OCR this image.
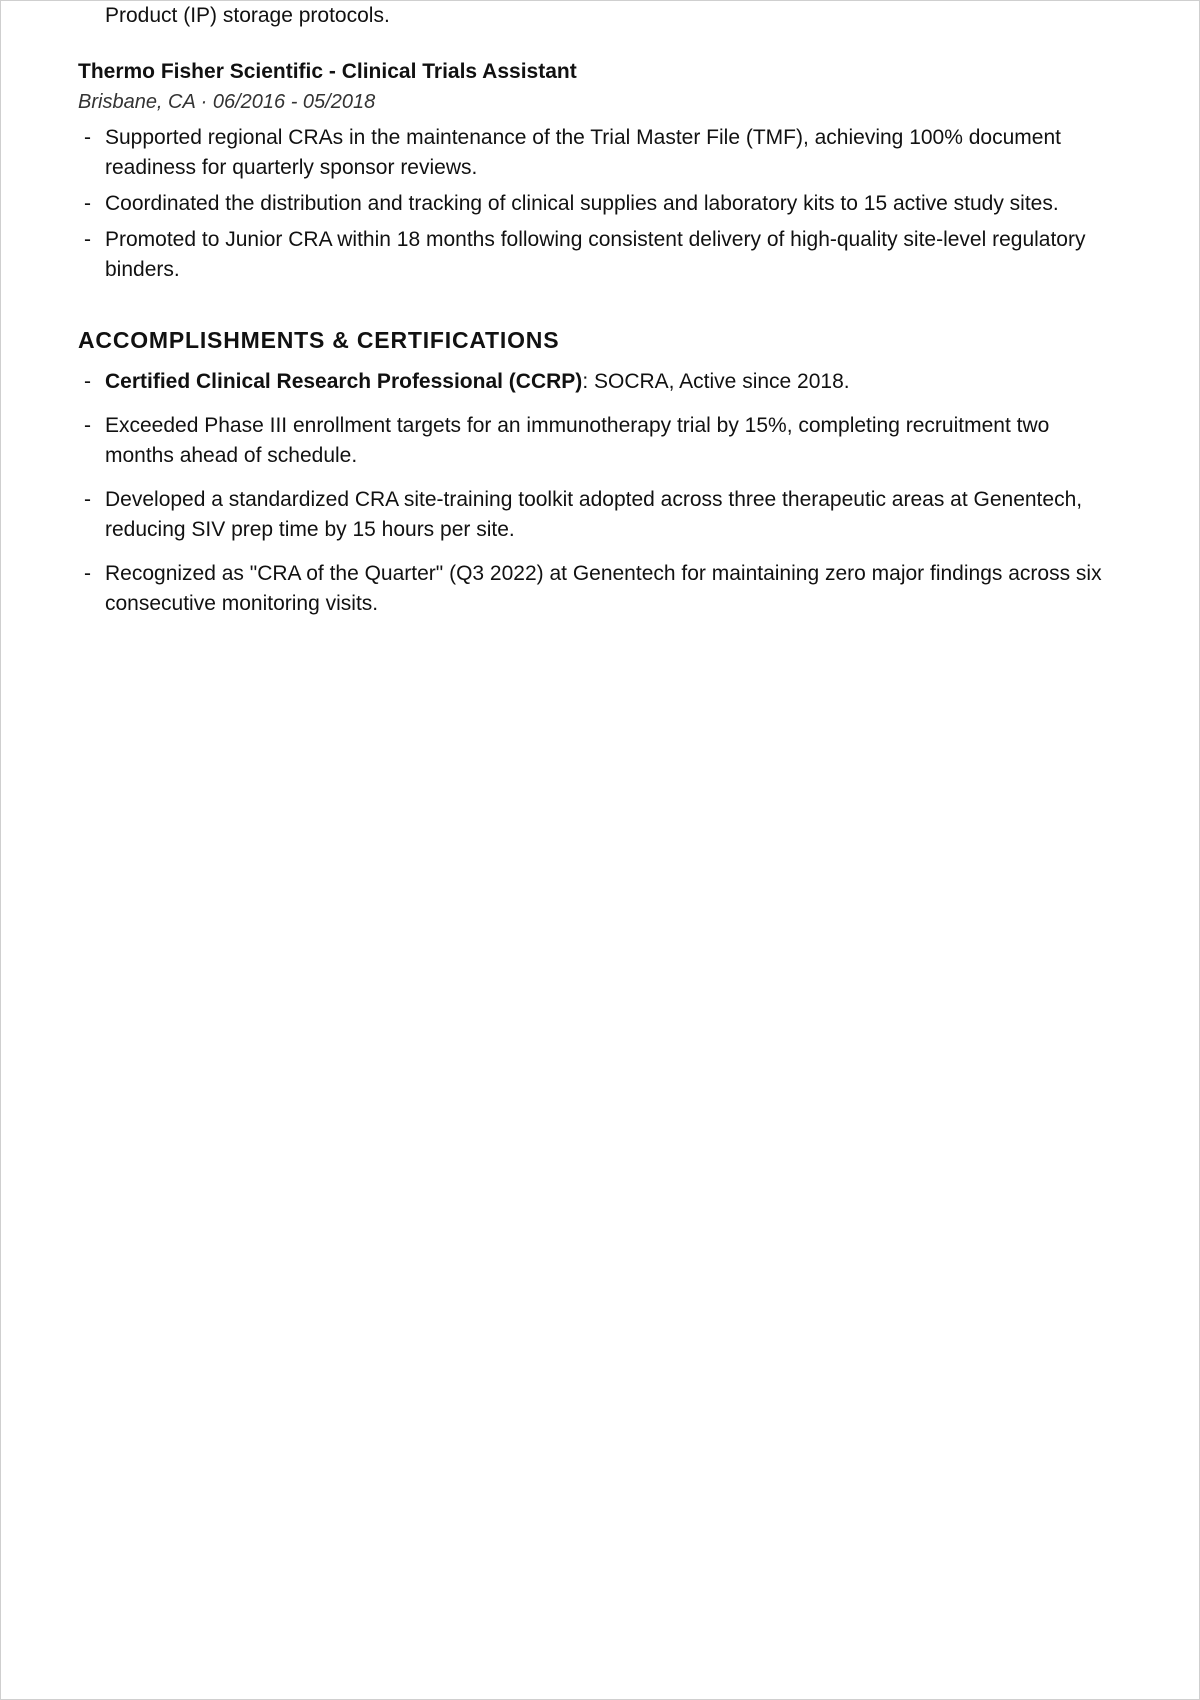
Product (IP) storage protocols.
Thermo Fisher Scientific - Clinical Trials Assistant
Brisbane, CA · 06/2016 - 05/2018
- Supported regional CRAs in the maintenance of the Trial Master File (TMF), achieving 100% document readiness for quarterly sponsor reviews.
- Coordinated the distribution and tracking of clinical supplies and laboratory kits to 15 active study sites.
- Promoted to Junior CRA within 18 months following consistent delivery of high-quality site-level regulatory binders.
ACCOMPLISHMENTS & CERTIFICATIONS
- Certified Clinical Research Professional (CCRP): SOCRA, Active since 2018.
- Exceeded Phase III enrollment targets for an immunotherapy trial by 15%, completing recruitment two months ahead of schedule.
- Developed a standardized CRA site-training toolkit adopted across three therapeutic areas at Genentech, reducing SIV prep time by 15 hours per site.
- Recognized as "CRA of the Quarter" (Q3 2022) at Genentech for maintaining zero major findings across six consecutive monitoring visits.
